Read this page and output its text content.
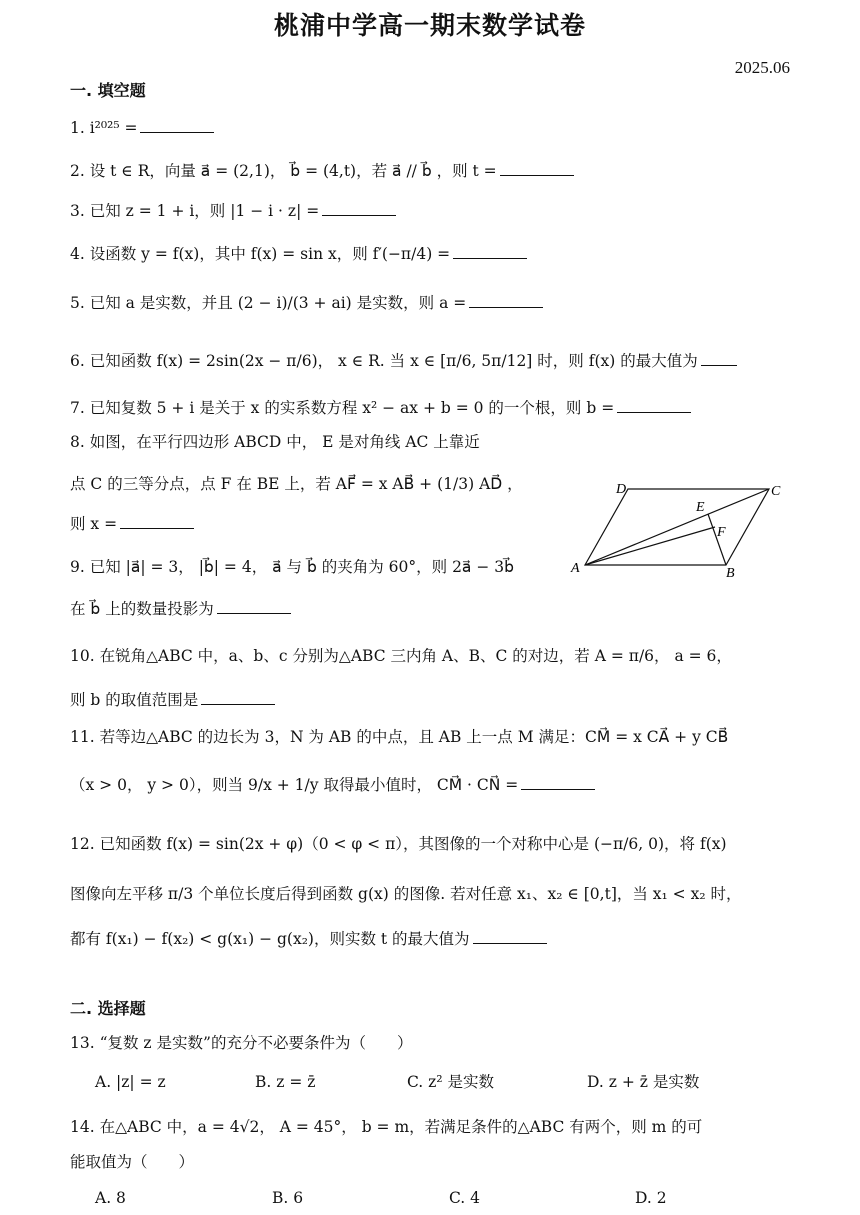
桃浦中学高一期末数学试卷
2025.06
一. 填空题
1. i²⁰²⁵ =
2. 设 t ∈ R，向量 a⃗ = (2,1)， b⃗ = (4,t)，若 a⃗ // b⃗ ，则 t =
3. 已知 z = 1 + i，则 |1 − i · z| =
4. 设函数 y = f(x)，其中 f(x) = sin x，则 f′(−π/4) =
5. 已知 a 是实数，并且 (2 − i)/(3 + ai) 是实数，则 a =
6. 已知函数 f(x) = 2sin(2x − π/6)， x ∈ R. 当 x ∈ [π/6, 5π/12] 时，则 f(x) 的最大值为
7. 已知复数 5 + i 是关于 x 的实系数方程 x² − ax + b = 0 的一个根，则 b =
8. 如图，在平行四边形 ABCD 中， E 是对角线 AC 上靠近
点 C 的三等分点，点 F 在 BE 上，若 AF⃗ = x AB⃗ + (1/3) AD⃗ ，
则 x =
A	B
C
D
E
F
9. 已知 |a⃗| = 3， |b⃗| = 4， a⃗ 与 b⃗ 的夹角为 60°，则 2a⃗ − 3b⃗
在 b⃗ 上的数量投影为
10. 在锐角△ABC 中，a、b、c 分别为△ABC 三内角 A、B、C 的对边，若 A = π/6， a = 6，
则 b 的取值范围是
11. 若等边△ABC 的边长为 3，N 为 AB 的中点，且 AB 上一点 M 满足：CM⃗ = x CA⃗ + y CB⃗
（x > 0， y > 0），则当 9/x + 1/y 取得最小值时， CM⃗ · CN⃗ =
12. 已知函数 f(x) = sin(2x + φ)（0 < φ < π），其图像的一个对称中心是 (−π/6, 0)，将 f(x)
图像向左平移 π/3 个单位长度后得到函数 g(x) 的图像. 若对任意 x₁、x₂ ∈ [0,t]，当 x₁ < x₂ 时，
都有 f(x₁) − f(x₂) < g(x₁) − g(x₂)，则实数 t 的最大值为
二. 选择题
13. “复数 z 是实数”的充分不必要条件为（　　）
A. |z| = z	B. z = z̄	C. z² 是实数	D. z + z̄ 是实数
14. 在△ABC 中，a = 4√2， A = 45°， b = m，若满足条件的△ABC 有两个，则 m 的可
能取值为（　　）
A. 8	B. 6	C. 4	D. 2
